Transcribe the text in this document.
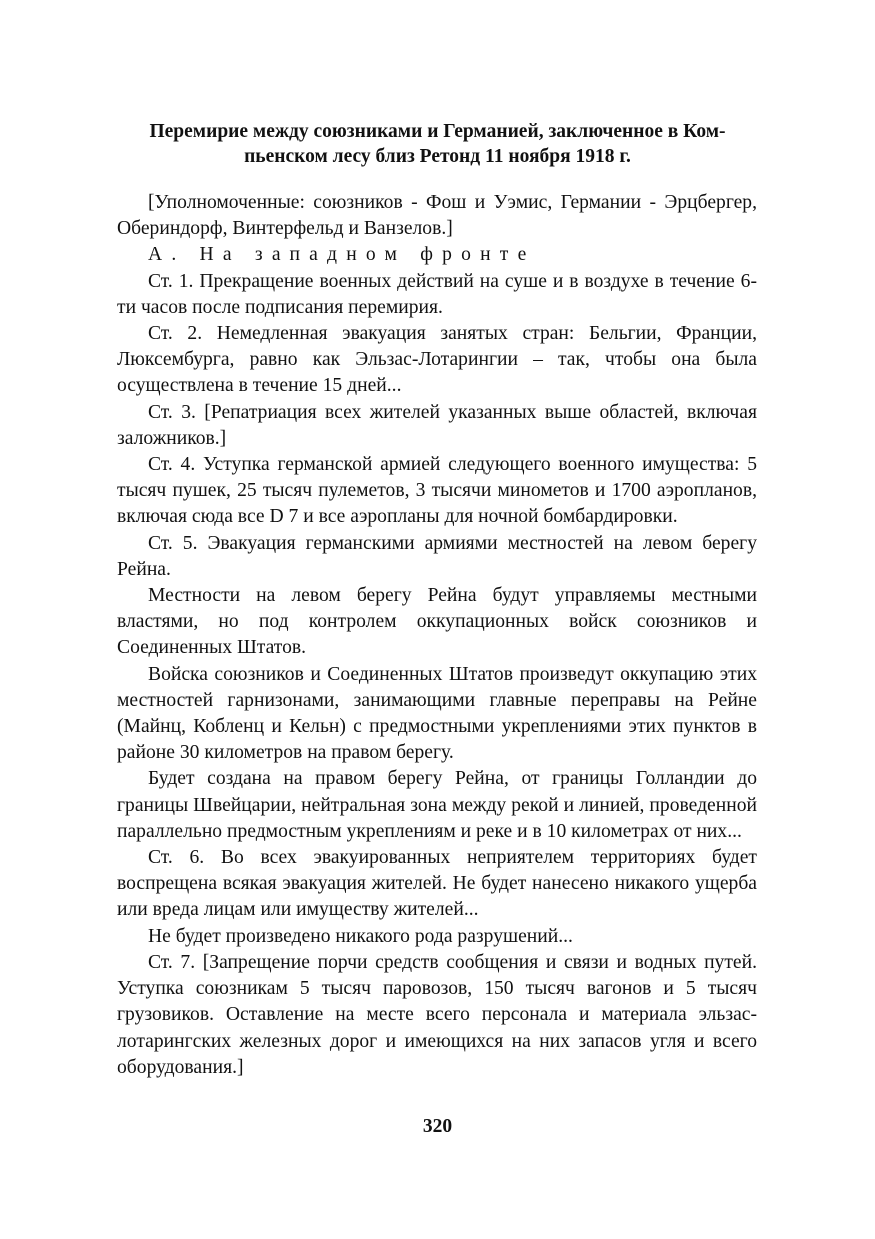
Перемирие между союзниками и Германией, заключенное в Ком-
пьенском лесу близ Ретонд 11 ноября 1918 г.

[Уполномоченные: союзников - Фош и Уэмис, Германии - Эрцбергер, Обериндорф, Винтерфельд и Ванзелов.]

А. На западном фронте

Ст. 1. Прекращение военных действий на суше и в воздухе в течение 6-ти часов после подписания перемирия.

Ст. 2. Немедленная эвакуация занятых стран: Бельгии, Франции, Люксембурга, равно как Эльзас-Лотарингии – так, чтобы она была осуществлена в течение 15 дней...

Ст. 3. [Репатриация всех жителей указанных выше областей, включая заложников.]

Ст. 4. Уступка германской армией следующего военного имущества: 5 тысяч пушек, 25 тысяч пулеметов, 3 тысячи минометов и 1700 аэропланов, включая сюда все D 7 и все аэропланы для ночной бомбардировки.

Ст. 5. Эвакуация германскими армиями местностей на левом берегу Рейна.

Местности на левом берегу Рейна будут управляемы местными властями, но под контролем оккупационных войск союзников и Соединенных Штатов.

Войска союзников и Соединенных Штатов произведут оккупацию этих местностей гарнизонами, занимающими главные переправы на Рейне (Майнц, Кобленц и Кельн) с предмостными укреплениями этих пунктов в районе 30 километров на правом берегу.

Будет создана на правом берегу Рейна, от границы Голландии до границы Швейцарии, нейтральная зона между рекой и линией, проведенной параллельно предмостным укреплениям и реке и в 10 километрах от них...

Ст. 6. Во всех эвакуированных неприятелем территориях будет воспрещена всякая эвакуация жителей. Не будет нанесено никакого ущерба или вреда лицам или имуществу жителей...

Не будет произведено никакого рода разрушений...

Ст. 7. [Запрещение порчи средств сообщения и связи и водных путей. Уступка союзникам 5 тысяч паровозов, 150 тысяч вагонов и 5 тысяч грузовиков. Оставление на месте всего персонала и материала эльзас-лотарингских железных дорог и имеющихся на них запасов угля и всего оборудования.]

320
